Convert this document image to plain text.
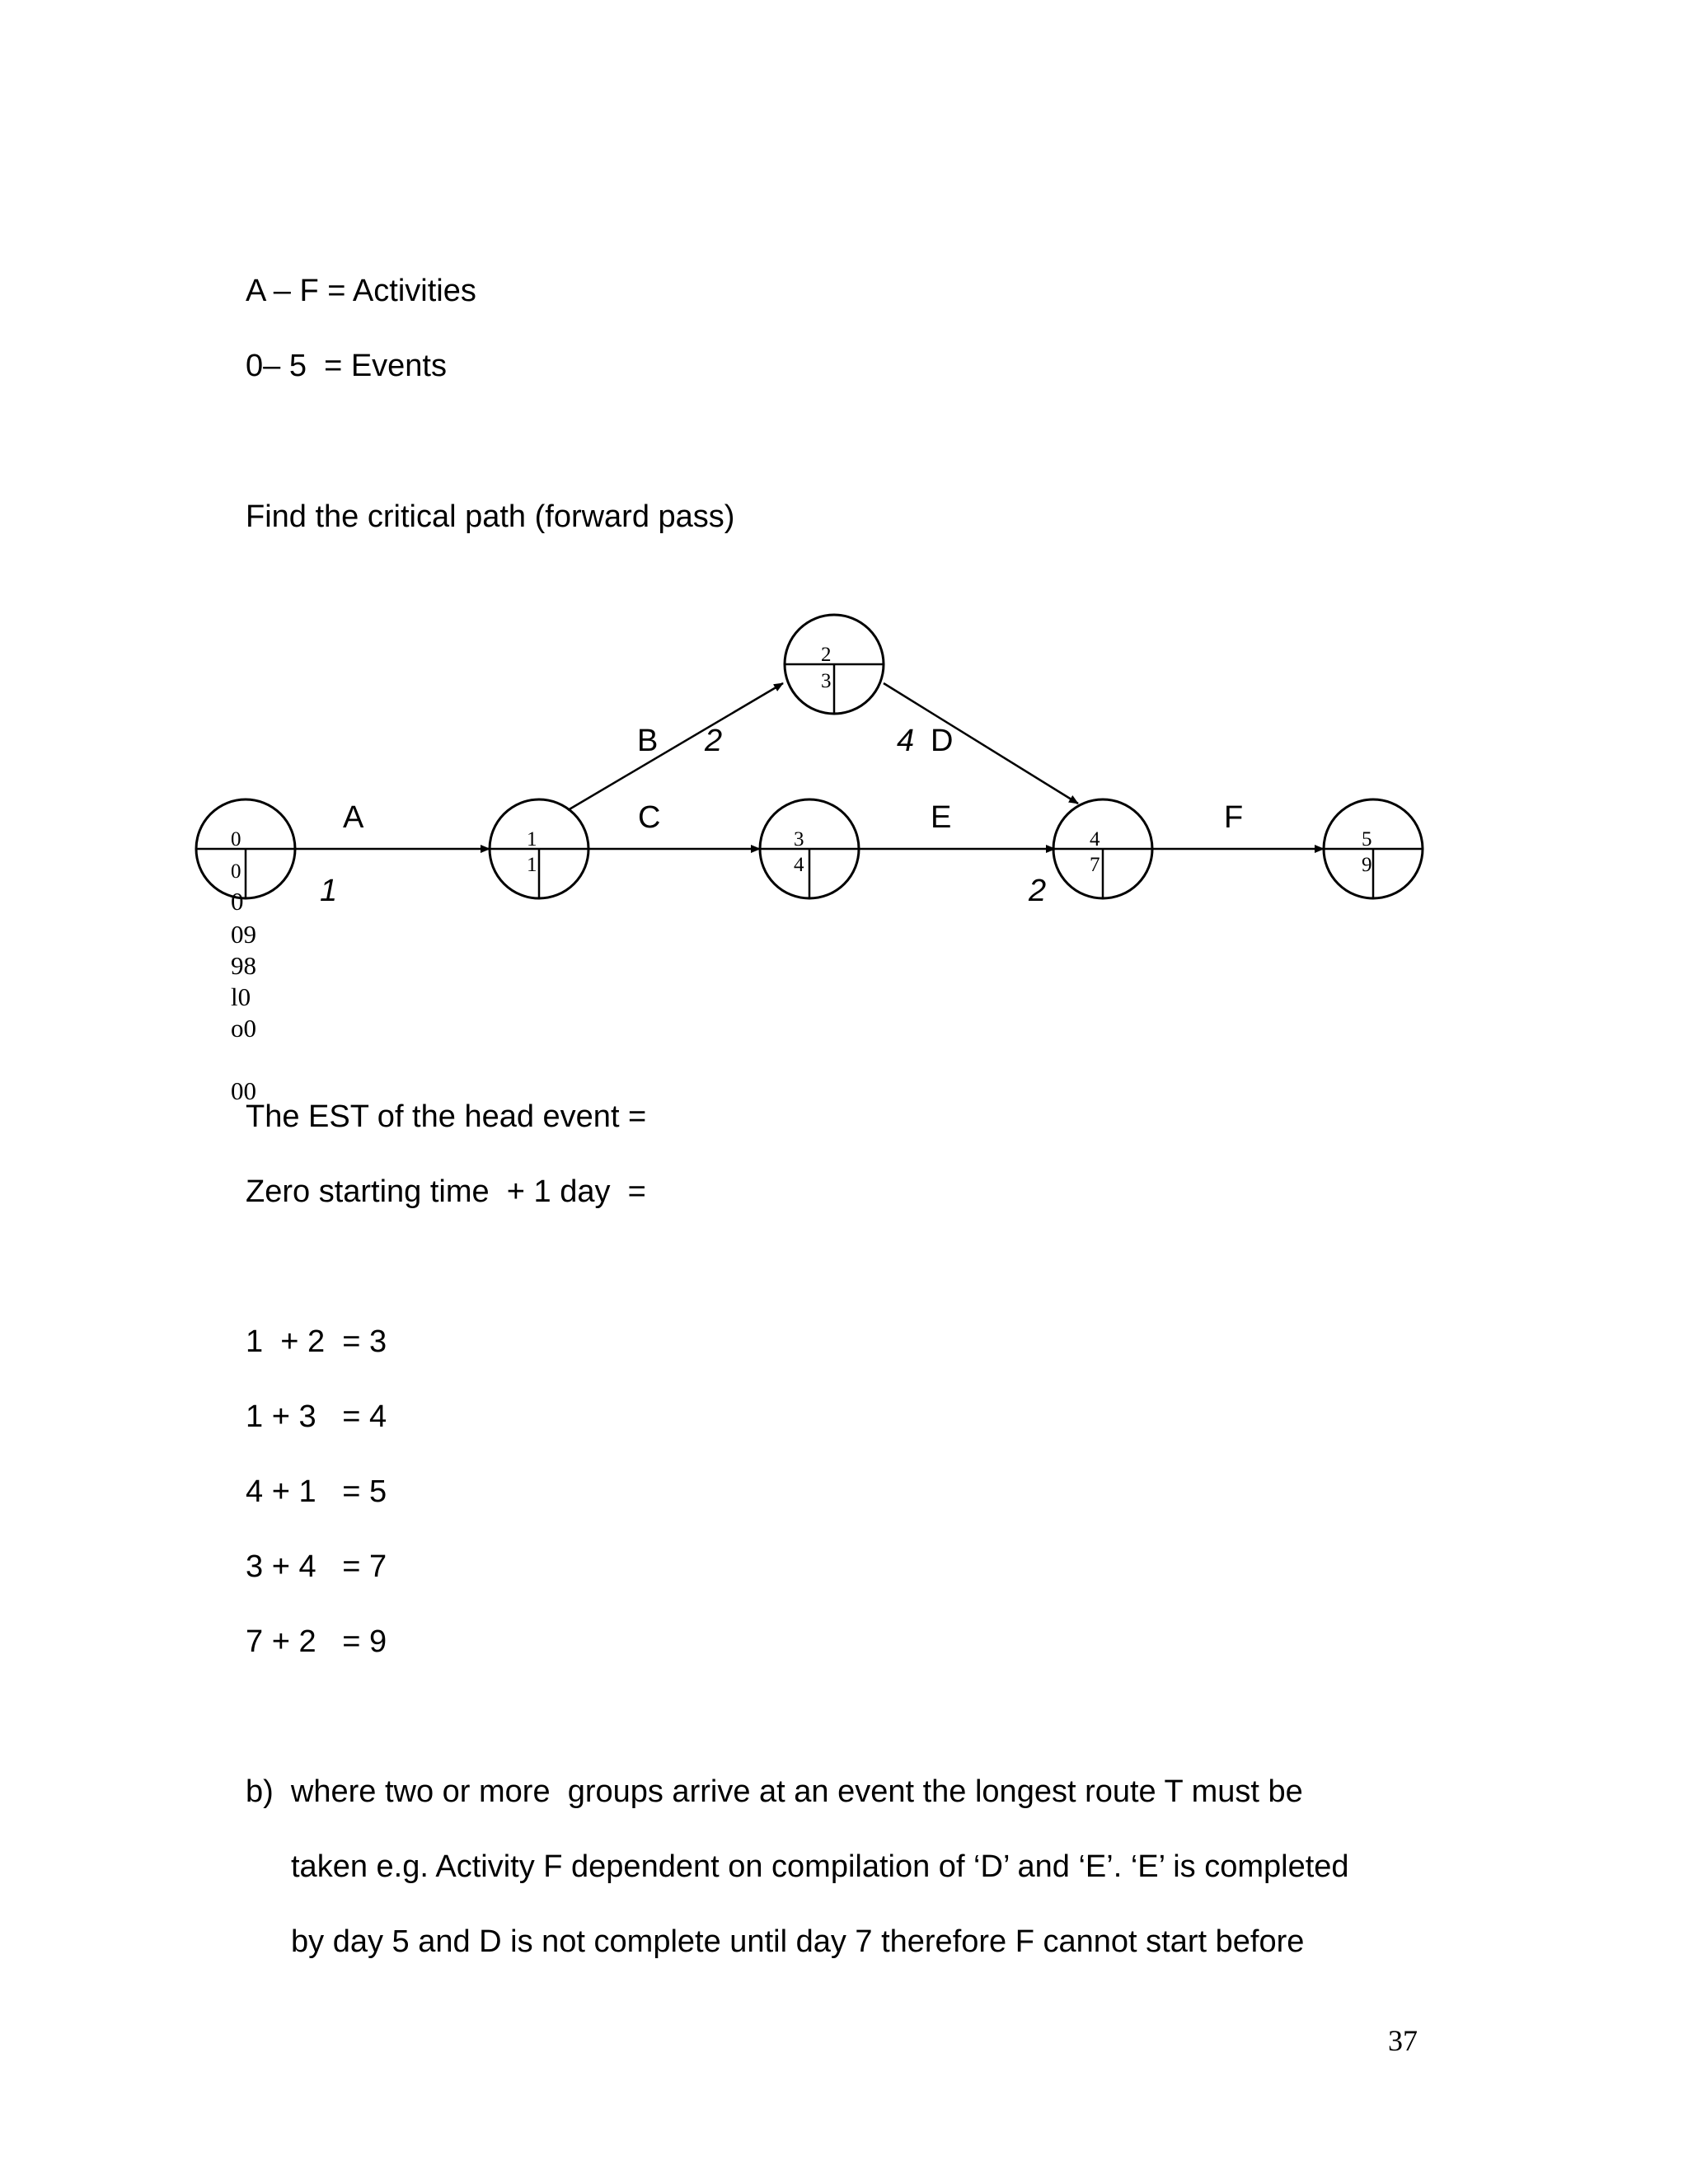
A – F = Activities
0– 5  = Events
Find the critical path (forward pass)
0
0
1
1
2
3
3
4
4
7
5
9
A
B
C
D
E	F
1
2	4
2
0
09
98
l0
o0
00
The EST of the head event =
Zero starting time  + 1 day  =
1  + 2  = 3
1 + 3   = 4
4 + 1   = 5
3 + 4   = 7
7 + 2   = 9
b)  where two or more  groups arrive at an event the longest route T must be
taken e.g. Activity F dependent on compilation of ‘D’ and ‘E’. ‘E’ is completed
by day 5 and D is not complete until day 7 therefore F cannot start before
37
